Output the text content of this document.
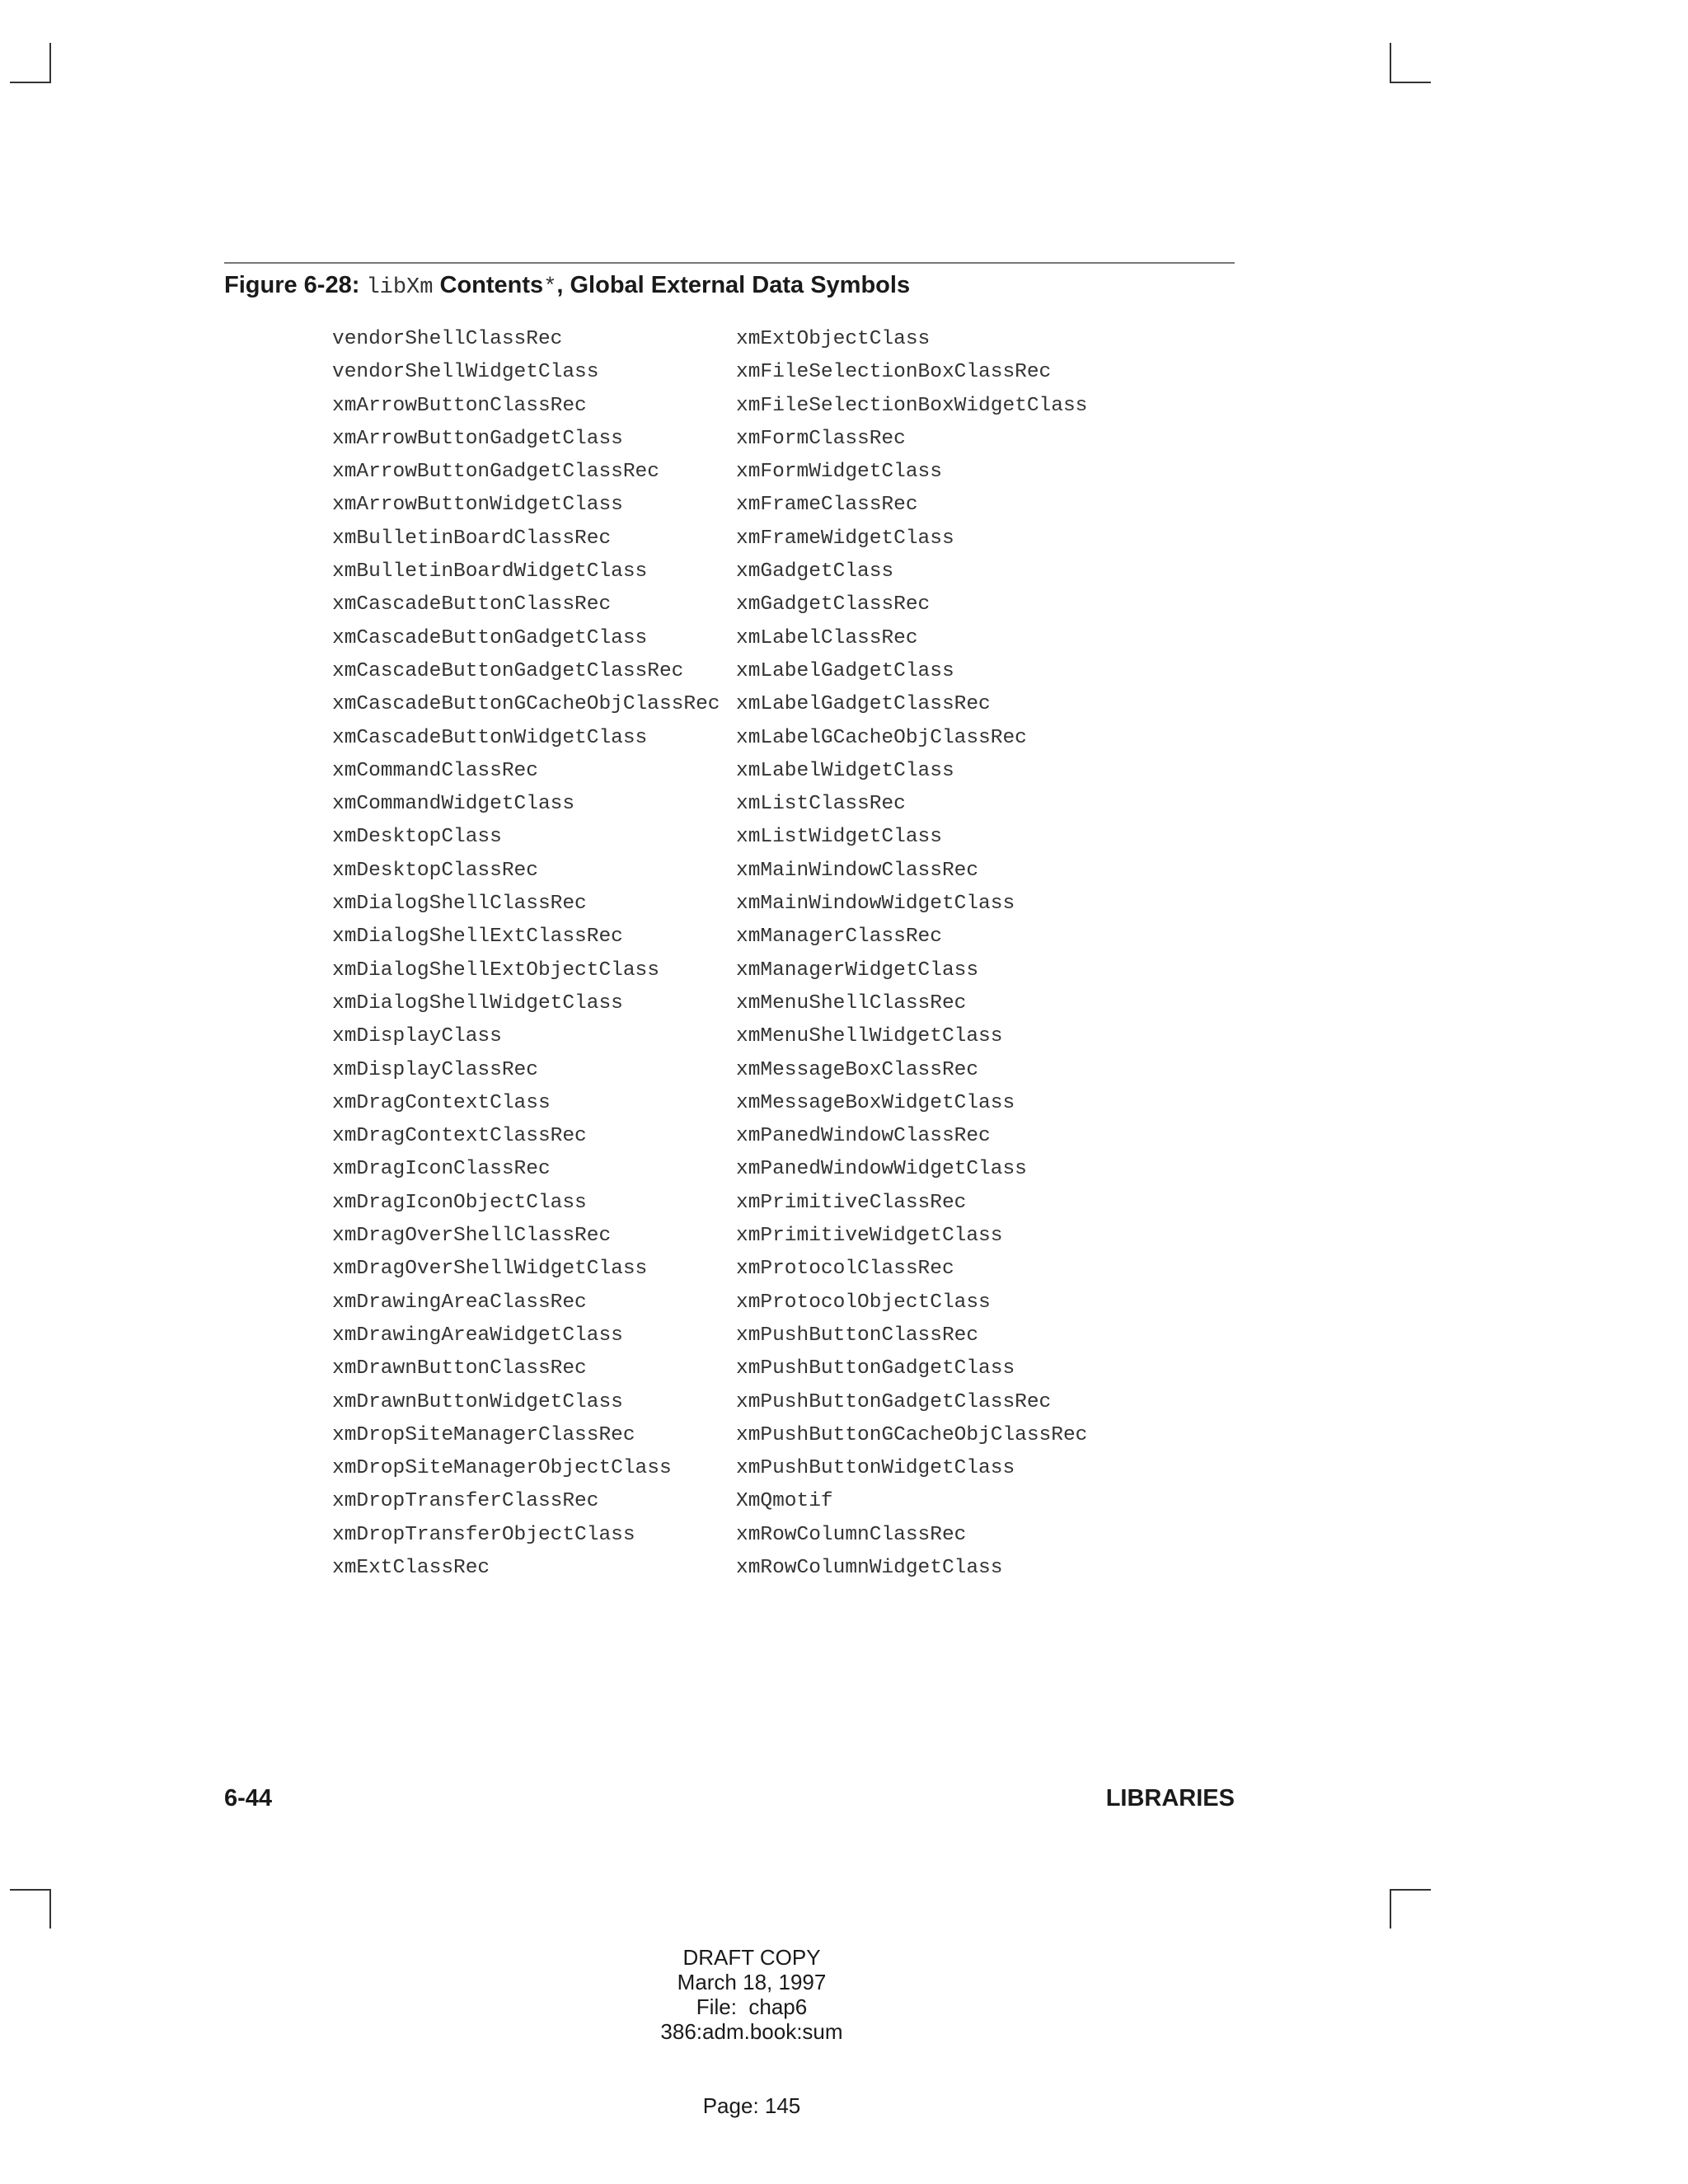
Figure 6-28: libXm Contents*, Global External Data Symbols
vendorShellClassRec
vendorShellWidgetClass
xmArrowButtonClassRec
xmArrowButtonGadgetClass
xmArrowButtonGadgetClassRec
xmArrowButtonWidgetClass
xmBulletinBoardClassRec
xmBulletinBoardWidgetClass
xmCascadeButtonClassRec
xmCascadeButtonGadgetClass
xmCascadeButtonGadgetClassRec
xmCascadeButtonGCacheObjClassRec
xmCascadeButtonWidgetClass
xmCommandClassRec
xmCommandWidgetClass
xmDesktopClass
xmDesktopClassRec
xmDialogShellClassRec
xmDialogShellExtClassRec
xmDialogShellExtObjectClass
xmDialogShellWidgetClass
xmDisplayClass
xmDisplayClassRec
xmDragContextClass
xmDragContextClassRec
xmDragIconClassRec
xmDragIconObjectClass
xmDragOverShellClassRec
xmDragOverShellWidgetClass
xmDrawingAreaClassRec
xmDrawingAreaWidgetClass
xmDrawnButtonClassRec
xmDrawnButtonWidgetClass
xmDropSiteManagerClassRec
xmDropSiteManagerObjectClass
xmDropTransferClassRec
xmDropTransferObjectClass
xmExtClassRec
xmExtObjectClass
xmFileSelectionBoxClassRec
xmFileSelectionBoxWidgetClass
xmFormClassRec
xmFormWidgetClass
xmFrameClassRec
xmFrameWidgetClass
xmGadgetClass
xmGadgetClassRec
xmLabelClassRec
xmLabelGadgetClass
xmLabelGadgetClassRec
xmLabelGCacheObjClassRec
xmLabelWidgetClass
xmListClassRec
xmListWidgetClass
xmMainWindowClassRec
xmMainWindowWidgetClass
xmManagerClassRec
xmManagerWidgetClass
xmMenuShellClassRec
xmMenuShellWidgetClass
xmMessageBoxClassRec
xmMessageBoxWidgetClass
xmPanedWindowClassRec
xmPanedWindowWidgetClass
xmPrimitiveClassRec
xmPrimitiveWidgetClass
xmProtocolClassRec
xmProtocolObjectClass
xmPushButtonClassRec
xmPushButtonGadgetClass
xmPushButtonGadgetClassRec
xmPushButtonGCacheObjClassRec
xmPushButtonWidgetClass
XmQmotif
xmRowColumnClassRec
xmRowColumnWidgetClass
6-44	LIBRARIES
DRAFT COPY
March 18, 1997
File:  chap6
386:adm.book:sum
Page: 145
